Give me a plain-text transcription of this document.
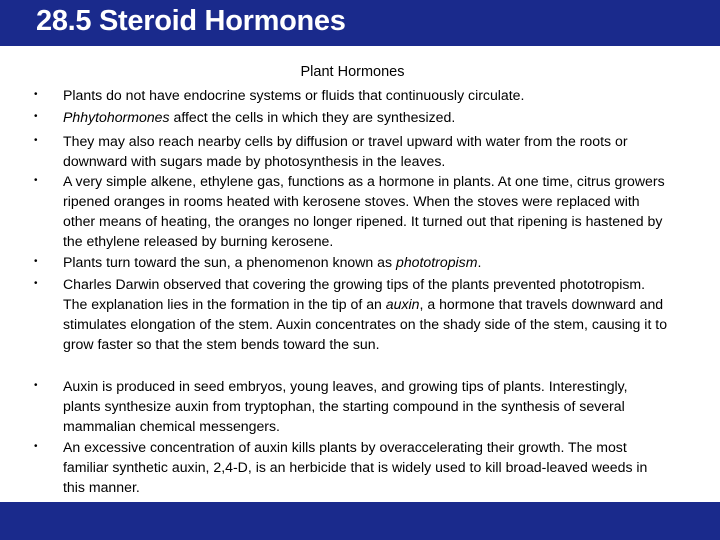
28.5 Steroid Hormones
Plant Hormones
• Plants do not have endocrine systems or fluids that continuously circulate.
• Phhytohormones affect the cells in which they are synthesized.
• They may also reach nearby cells by diffusion or travel upward with water from the roots or downward with sugars made by photosynthesis in the leaves.
• A very simple alkene, ethylene gas, functions as a hormone in plants. At one time, citrus growers ripened oranges in rooms heated with kerosene stoves. When the stoves were replaced with other means of heating, the oranges no longer ripened. It turned out that ripening is hastened by the ethylene released by burning kerosene.
• Plants turn toward the sun, a phenomenon known as phototropism.
• Charles Darwin observed that covering the growing tips of the plants prevented phototropism. The explanation lies in the formation in the tip of an auxin, a hormone that travels downward and stimulates elongation of the stem. Auxin concentrates on the shady side of the stem, causing it to grow faster so that the stem bends toward the sun.
• Auxin is produced in seed embryos, young leaves, and growing tips of plants. Interestingly, plants synthesize auxin from tryptophan, the starting compound in the synthesis of several mammalian chemical messengers.
• An excessive concentration of auxin kills plants by overaccelerating their growth. The most familiar synthetic auxin, 2,4-D, is an herbicide that is widely used to kill broad-leaved weeds in this manner.
